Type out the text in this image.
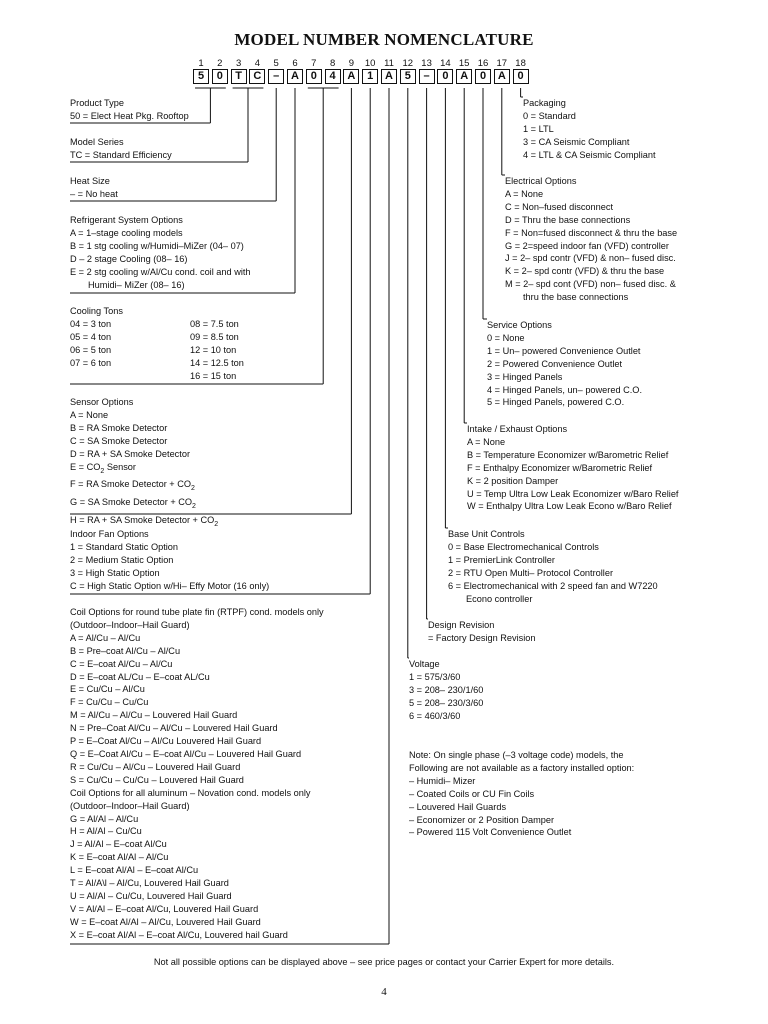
MODEL NUMBER NOMENCLATURE
1	2	3	4	5	6	7	8	9	10 11 12 13 14 15 16 17 18
5	0	T	C	–	A	0	4	A	1	A	5	–	0	A	0	A	0
Product Type
50 = Elect Heat Pkg. Rooftop
Model Series
TC = Standard Efficiency
Heat Size
– = No heat
Refrigerant System Options
A = 1–stage cooling models
B = 1 stg cooling w/Humidi–MiZer (04– 07)
D – 2 stage Cooling (08– 16)
E = 2 stg cooling w/Al/Cu cond. coil and with
Humidi– MiZer (08– 16)
Cooling Tons
04 = 3 ton
05 = 4 ton
06 = 5 ton
07 = 6 ton
08 = 7.5 ton
09 = 8.5 ton
12 = 10 ton
14 = 12.5 ton
16 = 15 ton
Sensor Options
A = None
B = RA Smoke Detector
C = SA Smoke Detector
D = RA + SA Smoke Detector
$E = CO_2$ Sensor
F = RA Smoke Detector + $CO_2$
G = SA Smoke Detector + $CO_2$
H = RA + SA Smoke Detector + $CO_2$
Indoor Fan Options
1 = Standard Static Option
2 = Medium Static Option
3 = High Static Option
C = High Static Option w/Hi– Effy Motor (16 only)
Coil Options for round tube plate fin (RTPF) cond. models only
(Outdoor–Indoor–Hail Guard)
A = Al/Cu – Al/Cu
B = Pre–coat Al/Cu – Al/Cu
C = E–coat Al/Cu – Al/Cu
D = E–coat AL/Cu – E–coat AL/Cu
E = Cu/Cu – Al/Cu
F = Cu/Cu – Cu/Cu
M = Al/Cu – Al/Cu – Louvered Hail Guard
N = Pre–Coat Al/Cu – Al/Cu – Louvered Hail Guard
P = E–Coat Al/Cu – Al/Cu Louvered Hail Guard
Q = E–Coat Al/Cu – E–coat Al/Cu – Louvered Hail Guard
R = Cu/Cu – Al/Cu – Louvered Hail Guard
S = Cu/Cu – Cu/Cu – Louvered Hail Guard
Coil Options for all aluminum – Novation cond. models only
(Outdoor–Indoor–Hail Guard)
G = Al/Al – Al/Cu
H = Al/Al – Cu/Cu
J = Al/Al – E–coat Al/Cu
K = E–coat Al/Al – Al/Cu
L = E–coat Al/Al – E–coat Al/Cu
T = Al/A\l – Al/Cu, Louvered Hail Guard
U = Al/Al – Cu/Cu, Louvered Hail Guard
V = Al/Al – E–coat Al/Cu, Louvered Hail Guard
W = E–coat Al/Al – Al/Cu, Louvered Hail Guard
X = E–coat Al/Al – E–coat Al/Cu, Louvered hail Guard
Packaging
0 = Standard
1 = LTL
3 = CA Seismic Compliant
4 = LTL & CA Seismic Compliant
Electrical Options
A = None
C = Non–fused disconnect
D = Thru the base connections
F = Non=fused disconnect & thru the base
G = 2=speed indoor fan (VFD) controller
J = 2– spd contr (VFD) & non– fused disc.
K = 2– spd contr (VFD) & thru the base
M = 2– spd cont (VFD) non– fused disc. &
thru the base connections
Service Options
0 = None
1 = Un– powered Convenience Outlet
2 = Powered Convenience Outlet
3 = Hinged Panels
4 = Hinged Panels, un– powered C.O.
5 = Hinged Panels, powered C.O.
Intake / Exhaust Options
A = None
B = Temperature Economizer w/Barometric Relief
F = Enthalpy Economizer w/Barometric Relief
K = 2 position Damper
U = Temp Ultra Low Leak Economizer w/Baro Relief
W = Enthalpy Ultra Low Leak Econo w/Baro Relief
Base Unit Controls
0 = Base Electromechanical Controls
1 = PremierLink Controller
2 = RTU Open Multi– Protocol Controller
6 = Electromechanical with 2 speed fan and W7220
Econo controller
Design Revision
= Factory Design Revision
Voltage
1 = 575/3/60
3 = 208– 230/1/60
5 = 208– 230/3/60
6 = 460/3/60
Note: On single phase (–3 voltage code) models, the
Following are not available as a factory installed option:
– Humidi– Mizer
– Coated Coils or CU Fin Coils
– Louvered Hail Guards
– Economizer or 2 Position Damper
– Powered 115 Volt Convenience Outlet
Not all possible options can be displayed above – see price pages or contact your Carrier Expert for more details.
4
